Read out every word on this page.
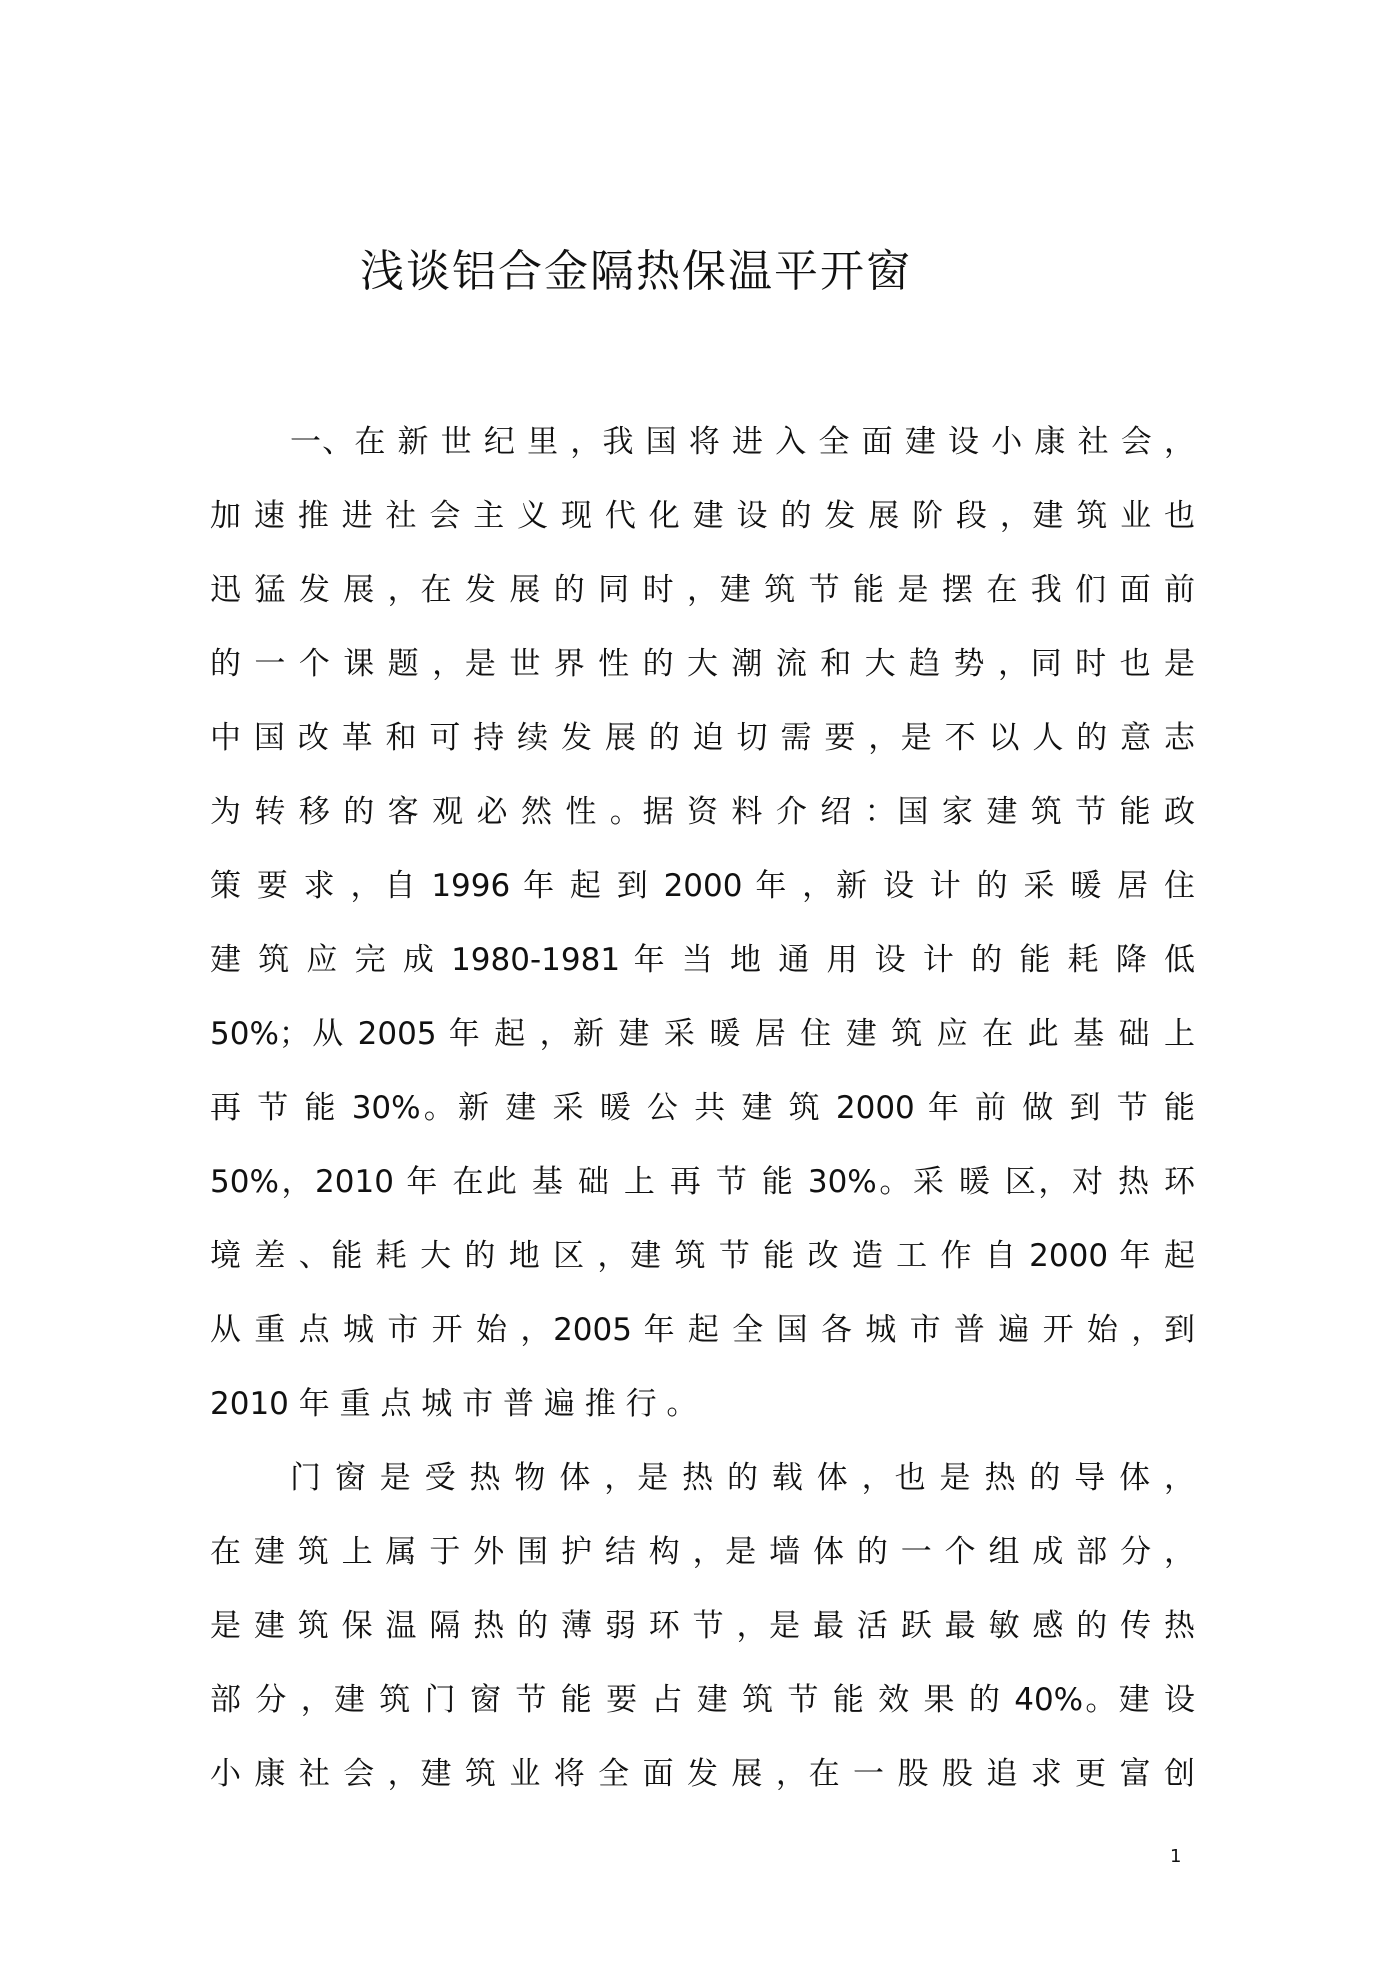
浅谈铝合金隔热保温平开窗
一、在 新 世 纪 里 ，我 国 将 进 入 全 面 建 设 小 康 社 会 ，
加 速 推 进 社 会 主 义 现 代 化 建 设 的 发 展 阶 段 ，建 筑 业 也
迅 猛 发 展 ，在 发 展 的 同 时 ，建 筑 节 能 是 摆 在 我 们 面 前
的 一 个 课 题 ，是 世 界 性 的 大 潮 流 和 大 趋 势 ，同 时 也 是
中 国 改 革 和 可 持 续 发 展 的 迫 切 需 要 ，是 不 以 人 的 意 志
为 转 移 的 客 观 必 然 性 。据 资 料 介 绍 ：国 家 建 筑 节 能 政
策 要 求 ，自 1996 年 起 到 2000 年 ，新 设 计 的 采 暖 居 住
建 筑 应 完 成 1980-1981 年 当 地 通 用 设 计 的 能 耗 降 低
50%；从 2005 年 起 ，新 建 采 暖 居 住 建 筑 应 在 此 基 础 上
再 节 能 30%。新 建 采 暖 公 共 建 筑 2000 年 前 做 到 节 能
50%，2010 年 在此 基 础 上 再 节 能 30%。采 暖 区，对 热 环
境 差 、能 耗 大 的 地 区 ，建 筑 节 能 改 造 工 作 自 2000 年 起
从 重 点 城 市 开 始 ，2005 年 起 全 国 各 城 市 普 遍 开 始 ，到
2010 年 重 点 城 市 普 遍 推 行 。
门 窗 是 受 热 物 体 ，是 热 的 载 体 ，也 是 热 的 导 体 ，
在 建 筑 上 属 于 外 围 护 结 构 ，是 墙 体 的 一 个 组 成 部 分 ，
是 建 筑 保 温 隔 热 的 薄 弱 环 节 ，是 最 活 跃 最 敏 感 的 传 热
部 分 ，建 筑 门 窗 节 能 要 占 建 筑 节 能 效 果 的 40%。建 设
小 康 社 会 ，建 筑 业 将 全 面 发 展 ，在 一 股 股 追 求 更 富 创
1
